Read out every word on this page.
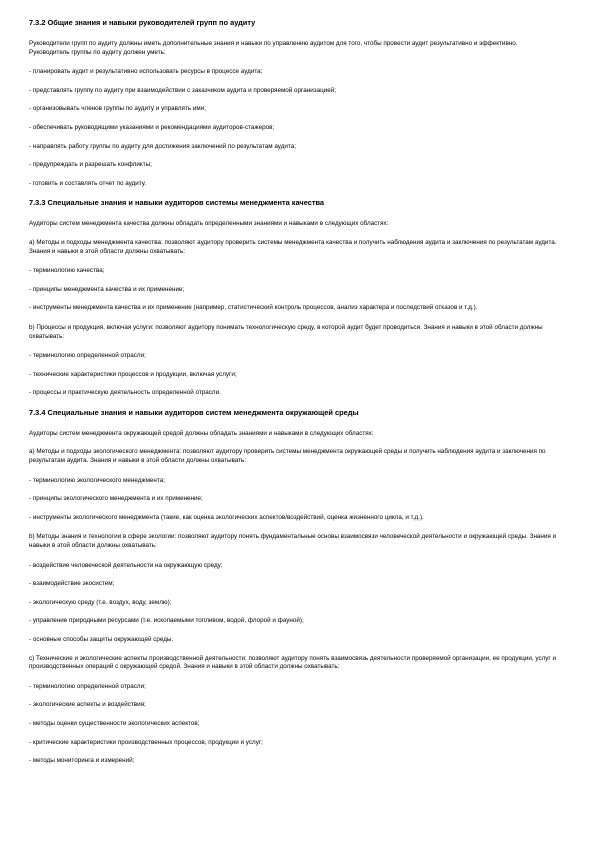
7.3.2 Общие знания и навыки руководителей групп по аудиту
Руководители групп по аудиту должны иметь дополнительные знания и навыки по управлению аудитом для того, чтобы провести аудит результативно и эффективно. Руководитель группы по аудиту должен уметь:
- планировать аудит и результативно использовать ресурсы в процессе аудита;
- представлять группу по аудиту при взаимодействии с заказчиком аудита и проверяемой организацией;
- организовывать членов группы по аудиту и управлять ими;
- обеспечивать руководящими указаниями и рекомендациями аудиторов-стажеров;
- направлять работу группы по аудиту для достижения заключений по результатам аудита;
- предупреждать и разрешать конфликты;
- готовить и составлять отчет по аудиту.
7.3.3 Специальные знания и навыки аудиторов системы менеджмента качества
Аудиторы систем менеджмента качества должны обладать определенными знаниями и навыками в следующих областях:
а) Методы и подходы менеджмента качества: позволяют аудитору проверить системы менеджмента качества и получить наблюдения аудита и заключения по результатам аудита. Знания и навыки в этой области должны охватывать:
- терминологию качества;
- принципы менеджмента качества и их применение;
- инструменты менеджмента качества и их применение (например, статистический контроль процессов, анализ характера и последствий отказов и т.д.).
b) Процессы и продукция, включая услуги: позволяют аудитору понимать технологическую среду, в которой аудит будет проводиться. Знания и навыки в этой области должны охватывать:
- терминологию определенной отрасли;
- технические характеристики процессов и продукции, включая услуги;
- процессы и практическую деятельность определенной отрасли.
7.3.4 Специальные знания и навыки аудиторов систем менеджмента окружающей среды
Аудиторы систем менеджмента окружающей средой должны обладать знаниями и навыками в следующих областях:
а) Методы и подходы экологического менеджмента: позволяют аудитору проверить системы менеджмента окружающей среды и получить наблюдения аудита и заключения по результатам аудита. Знания и навыки в этой области должны охватывать:
- терминологию экологического менеджмента;
- принципы экологического менеджмента и их применение;
- инструменты экологического менеджмента (такие, как оценка экологических аспектов/воздействий, оценка жизненного цикла, и т.д.).
b) Методы знания и технологии в сфере экологии: позволяют аудитору понять фундаментальные основы взаимосвязи человеческой деятельности и окружающей среды. Знания и навыки в этой области должны охватывать:
- воздействие человеческой деятельности на окружающую среду;
- взаимодействие экосистем;
- экологическую среду (т.е. воздух, воду, землю);
- управление природными ресурсами (т.е. ископаемыми топливом, водой, флорой и фауной);
- основные способы защиты окружающей среды.
с) Технические и экологические аспекты производственной деятельности: позволяют аудитору понять взаимосвязь деятельности проверяемой организации, ее продукции, услуг и производственных операций с окружающей средой. Знания и навыки в этой области должны охватывать:
- терминологию определенной отрасли;
- экологические аспекты и воздействия;
- методы оценки существенности экологических аспектов;
- критические характеристики производственных процессов, продукции и услуг;
- методы мониторинга и измерений;
